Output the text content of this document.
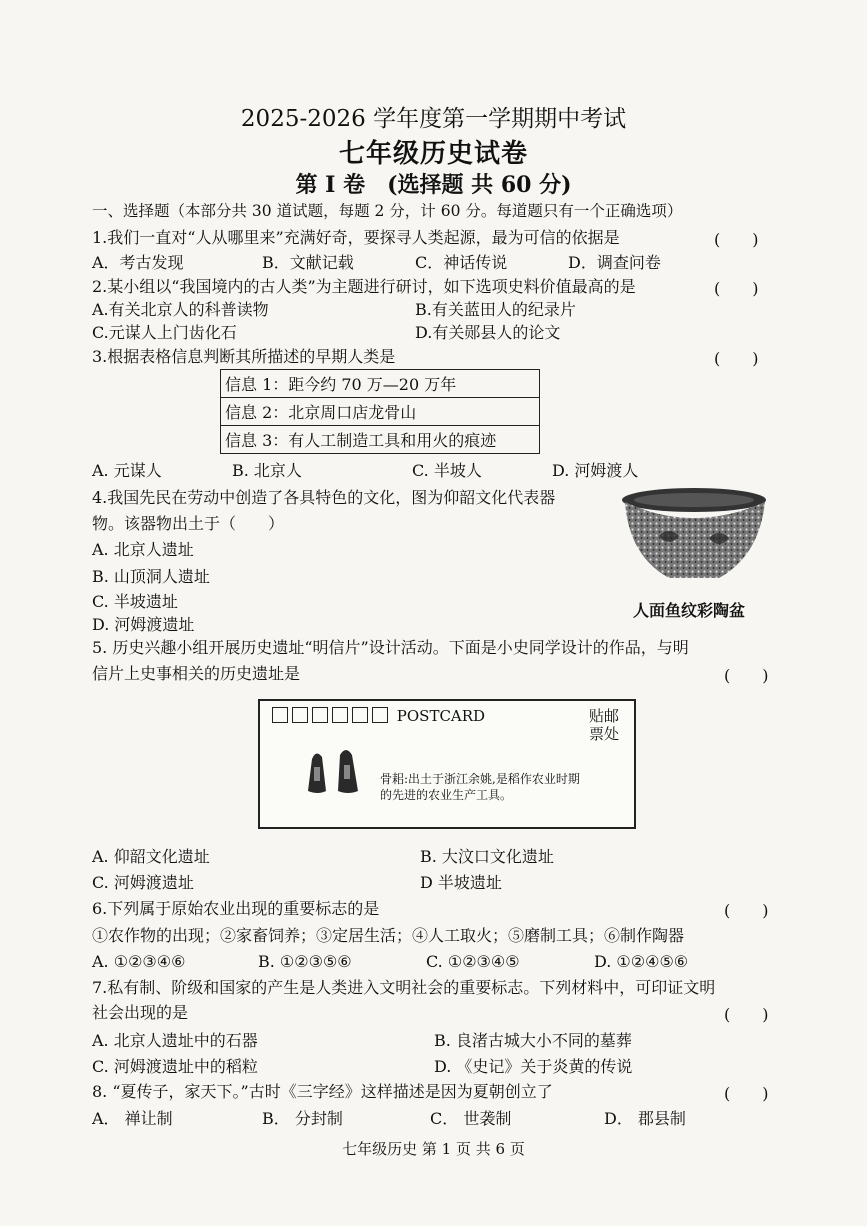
2025-2026 学年度第一学期期中考试
七年级历史试卷
第 Ⅰ 卷　(选择题 共 60 分)
一、选择题（本部分共 30 道试题，每题 2 分，计 60 分。每道题只有一个正确选项）
1.我们一直对“人从哪里来”充满好奇，要探寻人类起源，最为可信的依据是	(　　)
A．考古发现	B．文献记载	C．神话传说	D．调查问卷
2.某小组以“我国境内的古人类”为主题进行研讨，如下选项史料价值最高的是	(　　)
A.有关北京人的科普读物	B.有关蓝田人的纪录片
C.元谋人上门齿化石	D.有关郧县人的论文
3.根据表格信息判断其所描述的早期人类是	(　　)
信息 1：距今约 70 万—20 万年
信息 2：北京周口店龙骨山
信息 3：有人工制造工具和用火的痕迹
A. 元谋人	B. 北京人	C. 半坡人	D. 河姆渡人
4.我国先民在劳动中创造了各具特色的文化，图为仰韶文化代表器
物。该器物出土于（　　）
A. 北京人遗址
B. 山顶洞人遗址
C. 半坡遗址
D. 河姆渡遗址
人面鱼纹彩陶盆
5. 历史兴趣小组开展历史遗址“明信片”设计活动。下面是小史同学设计的作品，与明
信片上史事相关的历史遗址是	(　　)
POSTCARD	贴邮票处
骨耜:出土于浙江余姚,是稻作农业时期的先进的农业生产工具。
A. 仰韶文化遗址	B. 大汶口文化遗址
C. 河姆渡遗址	D 半坡遗址
6.下列属于原始农业出现的重要标志的是	(　　)
①农作物的出现；②家畜饲养；③定居生活；④人工取火；⑤磨制工具；⑥制作陶器
A. ①②③④⑥	B. ①②③⑤⑥	C. ①②③④⑤	D. ①②④⑤⑥
7.私有制、阶级和国家的产生是人类进入文明社会的重要标志。下列材料中，可印证文明
社会出现的是	(　　)
A. 北京人遗址中的石器	B. 良渚古城大小不同的墓葬
C. 河姆渡遗址中的稻粒	D. 《史记》关于炎黄的传说
8. “夏传子，家天下。”古时《三字经》这样描述是因为夏朝创立了	(　　)
A． 禅让制	B． 分封制	C． 世袭制	D． 郡县制
七年级历史 第 1 页 共 6 页
